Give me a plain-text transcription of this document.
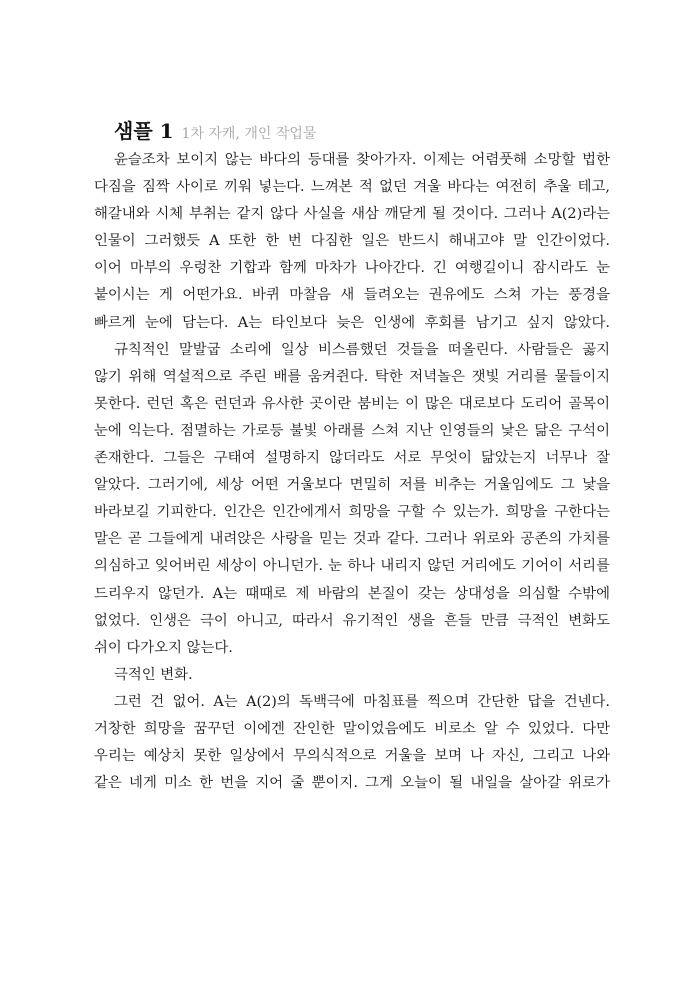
샘플 1 1차 자캐, 개인 작업물
윤슬조차 보이지 않는 바다의 등대를 찾아가자. 이제는 어렴풋해 소망할 법한
다짐을 짐짝 사이로 끼워 넣는다. 느껴본 적 없던 겨울 바다는 여전히 추울 테고,
해갈내와 시체 부취는 같지 않다 사실을 새삼 깨닫게 될 것이다. 그러나 A(2)라는
인물이 그러했듯 A 또한 한 번 다짐한 일은 반드시 해내고야 말 인간이었다.
이어 마부의 우렁찬 기합과 함께 마차가 나아간다. 긴 여행길이니 잠시라도 눈
붙이시는 게 어떤가요. 바퀴 마찰음 새 들려오는 권유에도 스쳐 가는 풍경을
빠르게 눈에 담는다. A는 타인보다 늦은 인생에 후회를 남기고 싶지 않았다.
규칙적인 말발굽 소리에 일상 비스름했던 것들을 떠올린다. 사람들은 곯지
않기 위해 역설적으로 주린 배를 움켜쥔다. 탁한 저녁놀은 잿빛 거리를 물들이지
못한다. 런던 혹은 런던과 유사한 곳이란 붐비는 이 많은 대로보다 도리어 골목이
눈에 익는다. 점멸하는 가로등 불빛 아래를 스쳐 지난 인영들의 낯은 닮은 구석이
존재한다. 그들은 구태여 설명하지 않더라도 서로 무엇이 닮았는지 너무나 잘
알았다. 그러기에, 세상 어떤 거울보다 면밀히 저를 비추는 거울임에도 그 낯을
바라보길 기피한다. 인간은 인간에게서 희망을 구할 수 있는가. 희망을 구한다는
말은 곧 그들에게 내려앉은 사랑을 믿는 것과 같다. 그러나 위로와 공존의 가치를
의심하고 잊어버린 세상이 아니던가. 눈 하나 내리지 않던 거리에도 기어이 서리를
드리우지 않던가. A는 때때로 제 바람의 본질이 갖는 상대성을 의심할 수밖에
없었다. 인생은 극이 아니고, 따라서 유기적인 생을 흔들 만큼 극적인 변화도
쉬이 다가오지 않는다.
극적인 변화.
그런 건 없어. A는 A(2)의 독백극에 마침표를 찍으며 간단한 답을 건넨다.
거창한 희망을 꿈꾸던 이에겐 잔인한 말이었음에도 비로소 알 수 있었다. 다만
우리는 예상치 못한 일상에서 무의식적으로 거울을 보며 나 자신, 그리고 나와
같은 네게 미소 한 번을 지어 줄 뿐이지. 그게 오늘이 될 내일을 살아갈 위로가
